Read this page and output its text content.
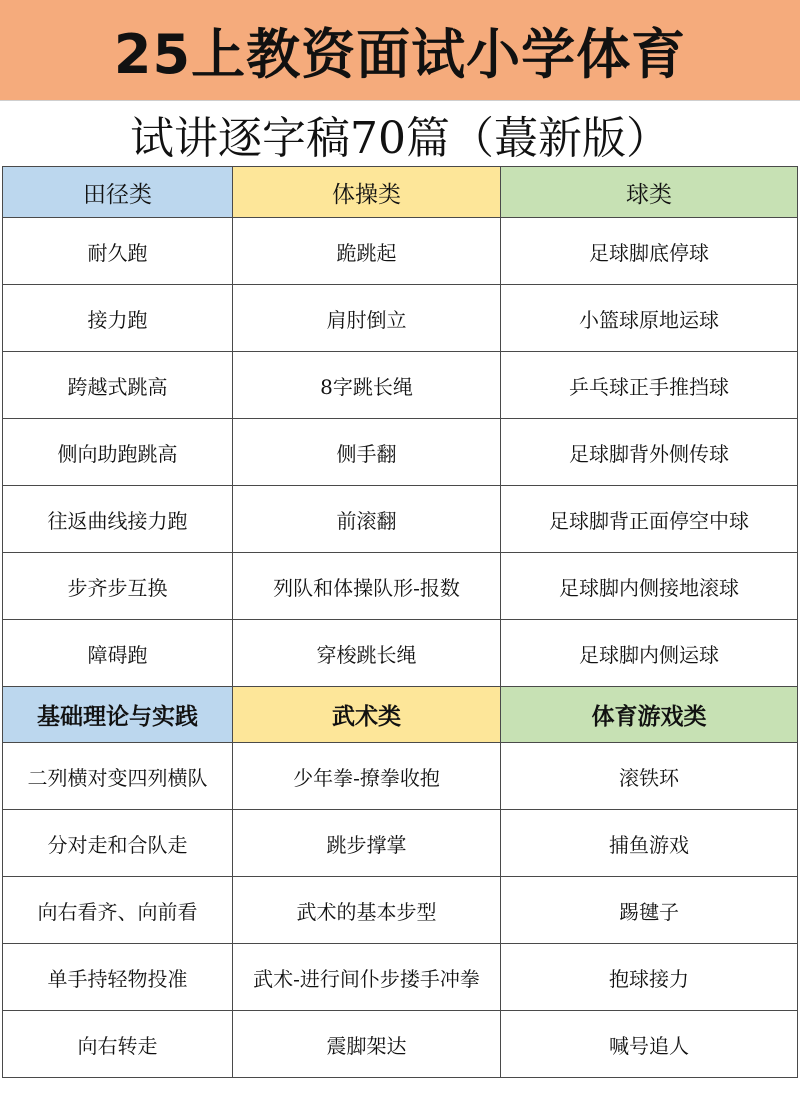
25上教资面试小学体育
试讲逐字稿70篇（蕞新版）
田径类	体操类	球类
耐久跑	跪跳起	足球脚底停球
接力跑	肩肘倒立	小篮球原地运球
跨越式跳高	8字跳长绳	乒乓球正手推挡球
侧向助跑跳高	侧手翻	足球脚背外侧传球
往返曲线接力跑	前滚翻	足球脚背正面停空中球
步齐步互换	列队和体操队形-报数	足球脚内侧接地滚球
障碍跑	穿梭跳长绳	足球脚内侧运球
基础理论与实践	武术类	体育游戏类
二列横对变四列横队	少年拳-撩拳收抱	滚铁环
分对走和合队走	跳步撑掌	捕鱼游戏
向右看齐、向前看	武术的基本步型	踢毽子
单手持轻物投准	武术-进行间仆步搂手冲拳	抱球接力
向右转走	震脚架达	喊号追人
